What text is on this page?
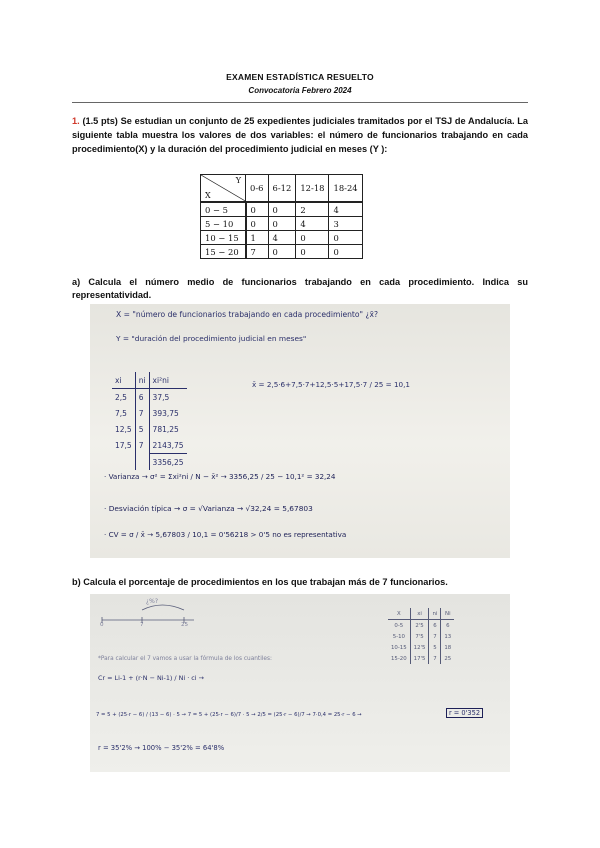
EXAMEN ESTADÍSTICA RESUELTO
Convocatoria Febrero 2024
1. (1.5 pts) Se estudian un conjunto de 25 expedientes judiciales tramitados por el TSJ de Andalucía. La siguiente tabla muestra los valores de dos variables: el número de funcionarios trabajando en cada procedimiento(X) y la duración del procedimiento judicial en meses (Y ):
Y
X	0-6	6-12	12-18	18-24
0 − 5	0	0	2	4
5 − 10	0	0	4	3
10 − 15	1	4	0	0
15 − 20	7	0	0	0
a) Calcula el número medio de funcionarios trabajando en cada procedimiento. Indica su representatividad.
X = "número de funcionarios trabajando en cada procedimiento" ¿x̄?
Y = "duración del procedimiento judicial en meses"
xi	ni	xi²ni
2,5	6	37,5
7,5	7	393,75
12,5	5	781,25
17,5	7	2143,75
		3356,25
x̄ = 2,5·6+7,5·7+12,5·5+17,5·7 / 25 = 10,1
· Varianza → σ² = Σxi²ni / N − x̄² → 3356,25 / 25 − 10,1² = 32,24
· Desviación típica → σ = √Varianza → √32,24 = 5,67803
· CV = σ / x̄ → 5,67803 / 10,1 = 0'56218 > 0'5 no es representativa
b) Calcula el porcentaje de procedimientos en los que trabajan más de 7 funcionarios.
¿%?
0	7	25
X	xi	ni	Ni
0-5	2'5	6	6
5-10	7'5	7	13
10-15	12'5	5	18
15-20	17'5	7	25
*Para calcular el 7 vamos a usar la fórmula de los cuantiles:
Cr = Li-1 + (r·N − Ni-1) / Ni · ci →
7 = 5 + (25·r − 6) / (13 − 6) · 5 → 7 = 5 + (25·r − 6)/7 · 5 → 2/5 = (25·r − 6)/7 → 7·0,4 = 25·r − 6 →	r = 0'352
r = 35'2% → 100% − 35'2% = 64'8%
